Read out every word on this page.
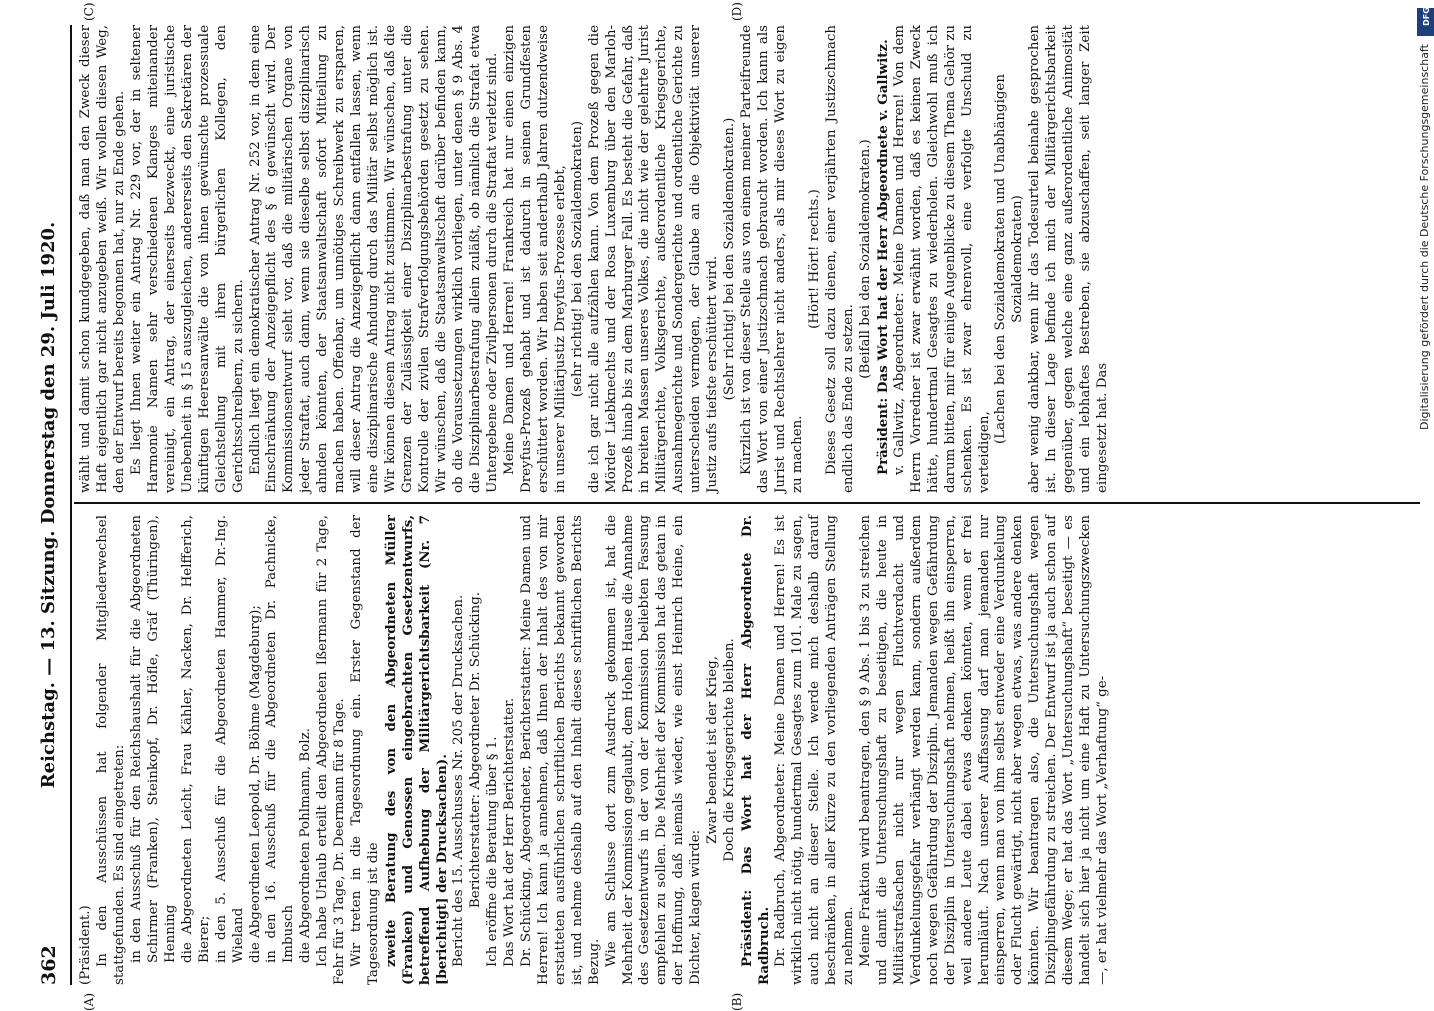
362
Reichstag. — 13. Sitzung. Donnerstag den 29. Juli 1920.
(A)	(B)
(C)	(D)

(Präsident.) In den Ausschüssen hat folgender Mitgliederwechsel stattgefunden. Es sind eingetreten: in den Ausschuß für den Reichshaushalt für die Abgeordneten Schirmer (Franken), Steinkopf, Dr. Höfle, Gräf (Thüringen), Henning die Abgeordneten Leicht, Frau Kähler, Nacken, Dr. Helfferich, Bierer; in den 5. Ausschuß für die Abgeordneten Hammer, Dr.-Ing. Wieland die Abgeordneten Leopold, Dr. Böhme (Magdeburg); in den 16. Ausschuß für die Abgeordneten Dr. Pachnicke, Imbusch die Abgeordneten Pohlmann, Bolz. Ich habe Urlaub erteilt den Abgeordneten Ißermann für 2 Tage, Fehr für 3 Tage, Dr. Deermann für 8 Tage. Wir treten in die Tagesordnung ein. Erster Gegenstand der Tagesordnung ist die zweite Beratung des von den Abgeordneten Müller (Franken) und Genossen eingebrachten Gesetzentwurfs, betreffend Aufhebung der Militärgerichtsbarkeit (Nr. 7 [berichtigt] der Drucksachen). Bericht des 15. Ausschusses Nr. 205 der Drucksachen. Berichterstatter: Abgeordneter Dr. Schücking. Ich eröffne die Beratung über § 1. Das Wort hat der Herr Berichterstatter. Dr. Schücking, Abgeordneter, Berichterstatter: Meine Damen und Herren! Ich kann ja annehmen, daß Ihnen der Inhalt des von mir erstatteten ausführlichen schriftlichen Berichts bekannt geworden ist, und nehme deshalb auf den Inhalt dieses schriftlichen Berichts Bezug. Wie am Schlusse dort zum Ausdruck gekommen ist, hat die Mehrheit der Kommission geglaubt, dem Hohen Hause die Annahme des Gesetzentwurfs in der von der Kommission beliebten Fassung empfehlen zu sollen. Die Mehrheit der Kommission hat das getan in der Hoffnung, daß niemals wieder, wie einst Heinrich Heine, ein Dichter, klagen würde:

Zwar beendet ist der Krieg, Doch die Kriegsgerichte bleiben. Präsident: Das Wort hat der Herr Abgeordnete Dr. Radbruch. Dr. Radbruch, Abgeordneter: Meine Damen und Herren! Es ist wirklich nicht nötig, hundertmal Gesagtes zum 101. Male zu sagen, auch nicht an dieser Stelle. Ich werde mich deshalb darauf beschränken, in aller Kürze zu den vorliegenden Anträgen Stellung zu nehmen. Meine Fraktion wird beantragen, den § 9 Abs. 1 bis 3 zu streichen und damit die Untersuchungshaft zu beseitigen, die heute in Militärstrafsachen nicht nur wegen Fluchtverdacht und Verdunkelungsgefahr verhängt werden kann, sondern außerdem noch wegen Gefährdung der Disziplin. Jemanden wegen Gefährdung der Disziplin in Untersuchungshaft nehmen, heißt ihn einsperren, weil andere Leute dabei etwas denken könnten, wenn er frei herumläuft. Nach unserer Auffassung darf man jemanden nur einsperren, wenn man von ihm selbst entweder eine Verdunkelung oder Flucht gewärtigt, nicht aber wegen etwas, was andere denken könnten. Wir beantragen also, die Untersuchungshaft wegen Disziplingefährdung zu streichen. Der Entwurf ist ja auch schon auf diesem Wege; er hat das Wort „Untersuchungshaft“ beseitigt — es handelt sich hier ja nicht um eine Haft zu Untersuchungszwecken —, er hat vielmehr das Wort „Verhaftung“ ge-

wählt und damit schon kundgegeben, daß man den Zweck dieser Haft eigentlich gar nicht anzugeben weiß. Wir wollen diesen Weg, den der Entwurf bereits begonnen hat, nur zu Ende gehen. Es liegt Ihnen weiter ein Antrag Nr. 229 vor, der in seltener Harmonie Namen sehr verschiedenen Klanges miteinander vereinigt, ein Antrag, der einerseits bezweckt, eine juristische Unebenheit in § 15 auszugleichen, andererseits den Sekretären der künftigen Heeresanwälte die von ihnen gewünschte prozessuale Gleichstellung mit ihren bürgerlichen Kollegen, den Gerichtsschreibern, zu sichern. Endlich liegt ein demokratischer Antrag Nr. 252 vor, in dem eine Einschränkung der Anzeigepflicht des § 6 gewünscht wird. Der Kommissionsentwurf sieht vor, daß die militärischen Organe von jeder Straftat, auch dann, wenn sie dieselbe selbst disziplinarisch ahnden könnten, der Staatsanwaltschaft sofort Mitteilung zu machen haben. Offenbar, um unnötiges Schreibwerk zu ersparen, will dieser Antrag die Anzeigepflicht dann entfallen lassen, wenn eine disziplinarische Ahndung durch das Militär selbst möglich ist. Wir können diesem Antrag nicht zustimmen. Wir wünschen, daß die Grenzen der Zulässigkeit einer Disziplinarbestrafung unter die Kontrolle der zivilen Strafverfolgungsbehörden gesetzt zu sehen. Wir wünschen, daß die Staatsanwaltschaft darüber befinden kann, ob die Voraussetzungen wirklich vorliegen, unter denen § 9 Abs. 4 die Disziplinarbestrafung allein zuläßt, ob nämlich die Strafat etwa Untergebene oder Zivilpersonen durch die Straftat verletzt sind. Meine Damen und Herren! Frankreich hat nur einen einzigen Dreyfus-Prozeß gehabt und ist dadurch in seinen Grundfesten erschüttert worden. Wir haben seit anderthalb Jahren dutzendweise in unserer Militärjustiz Dreyfus-Prozesse erlebt, (sehr richtig! bei den Sozialdemokraten) die ich gar nicht alle aufzählen kann. Von dem Prozeß gegen die Mörder Liebknechts und der Rosa Luxemburg über den Marloh-Prozeß hinab bis zu dem Marburger Fall. Es besteht die Gefahr, daß in breiten Massen unseres Volkes, die nicht wie der gelehrte Jurist Militärgerichte, Volksgerichte, außerordentliche Kriegsgerichte, Ausnahmegerichte und Sondergerichte und ordentliche Gerichte zu unterscheiden vermögen, der Glaube an die Objektivität unserer Justiz aufs tiefste erschüttert wird. (Sehr richtig! bei den Sozialdemokraten.) Kürzlich ist von dieser Stelle aus von einem meiner Parteifreunde das Wort von einer Justizschmach gebraucht worden. Ich kann als Jurist und Rechtslehrer nicht anders, als mir dieses Wort zu eigen zu machen.

(Hört! Hört! rechts.) Dieses Gesetz soll dazu dienen, einer verjährten Justizschmach endlich das Ende zu setzen.

(Beifall bei den Sozialdemokraten.) Präsident: Das Wort hat der Herr Abgeordnete v. Gallwitz. v. Gallwitz, Abgeordneter: Meine Damen und Herren! Von dem Herrn Vorredner ist zwar erwähnt worden, daß es keinen Zweck hätte, hundertmal Gesagtes zu wiederholen. Gleichwohl muß ich darum bitten, mir für einige Augenblicke zu diesem Thema Gehör zu schenken. Es ist zwar ehrenvoll, eine verfolgte Unschuld zu verteidigen,

(Lachen bei den Sozialdemokraten und Unabhängigen Sozialdemokraten) aber wenig dankbar, wenn ihr das Todesurteil beinahe gesprochen ist. In dieser Lage befinde ich mich der Militärgerichtsbarkeit gegenüber, gegen welche eine ganz außerordentliche Animosität und ein lebhaftes Bestreben, sie abzuschaffen, seit langer Zeit eingesetzt hat. Das

DFG
Digitalisierung gefördert durch die Deutsche Forschungsgemeinschaft
